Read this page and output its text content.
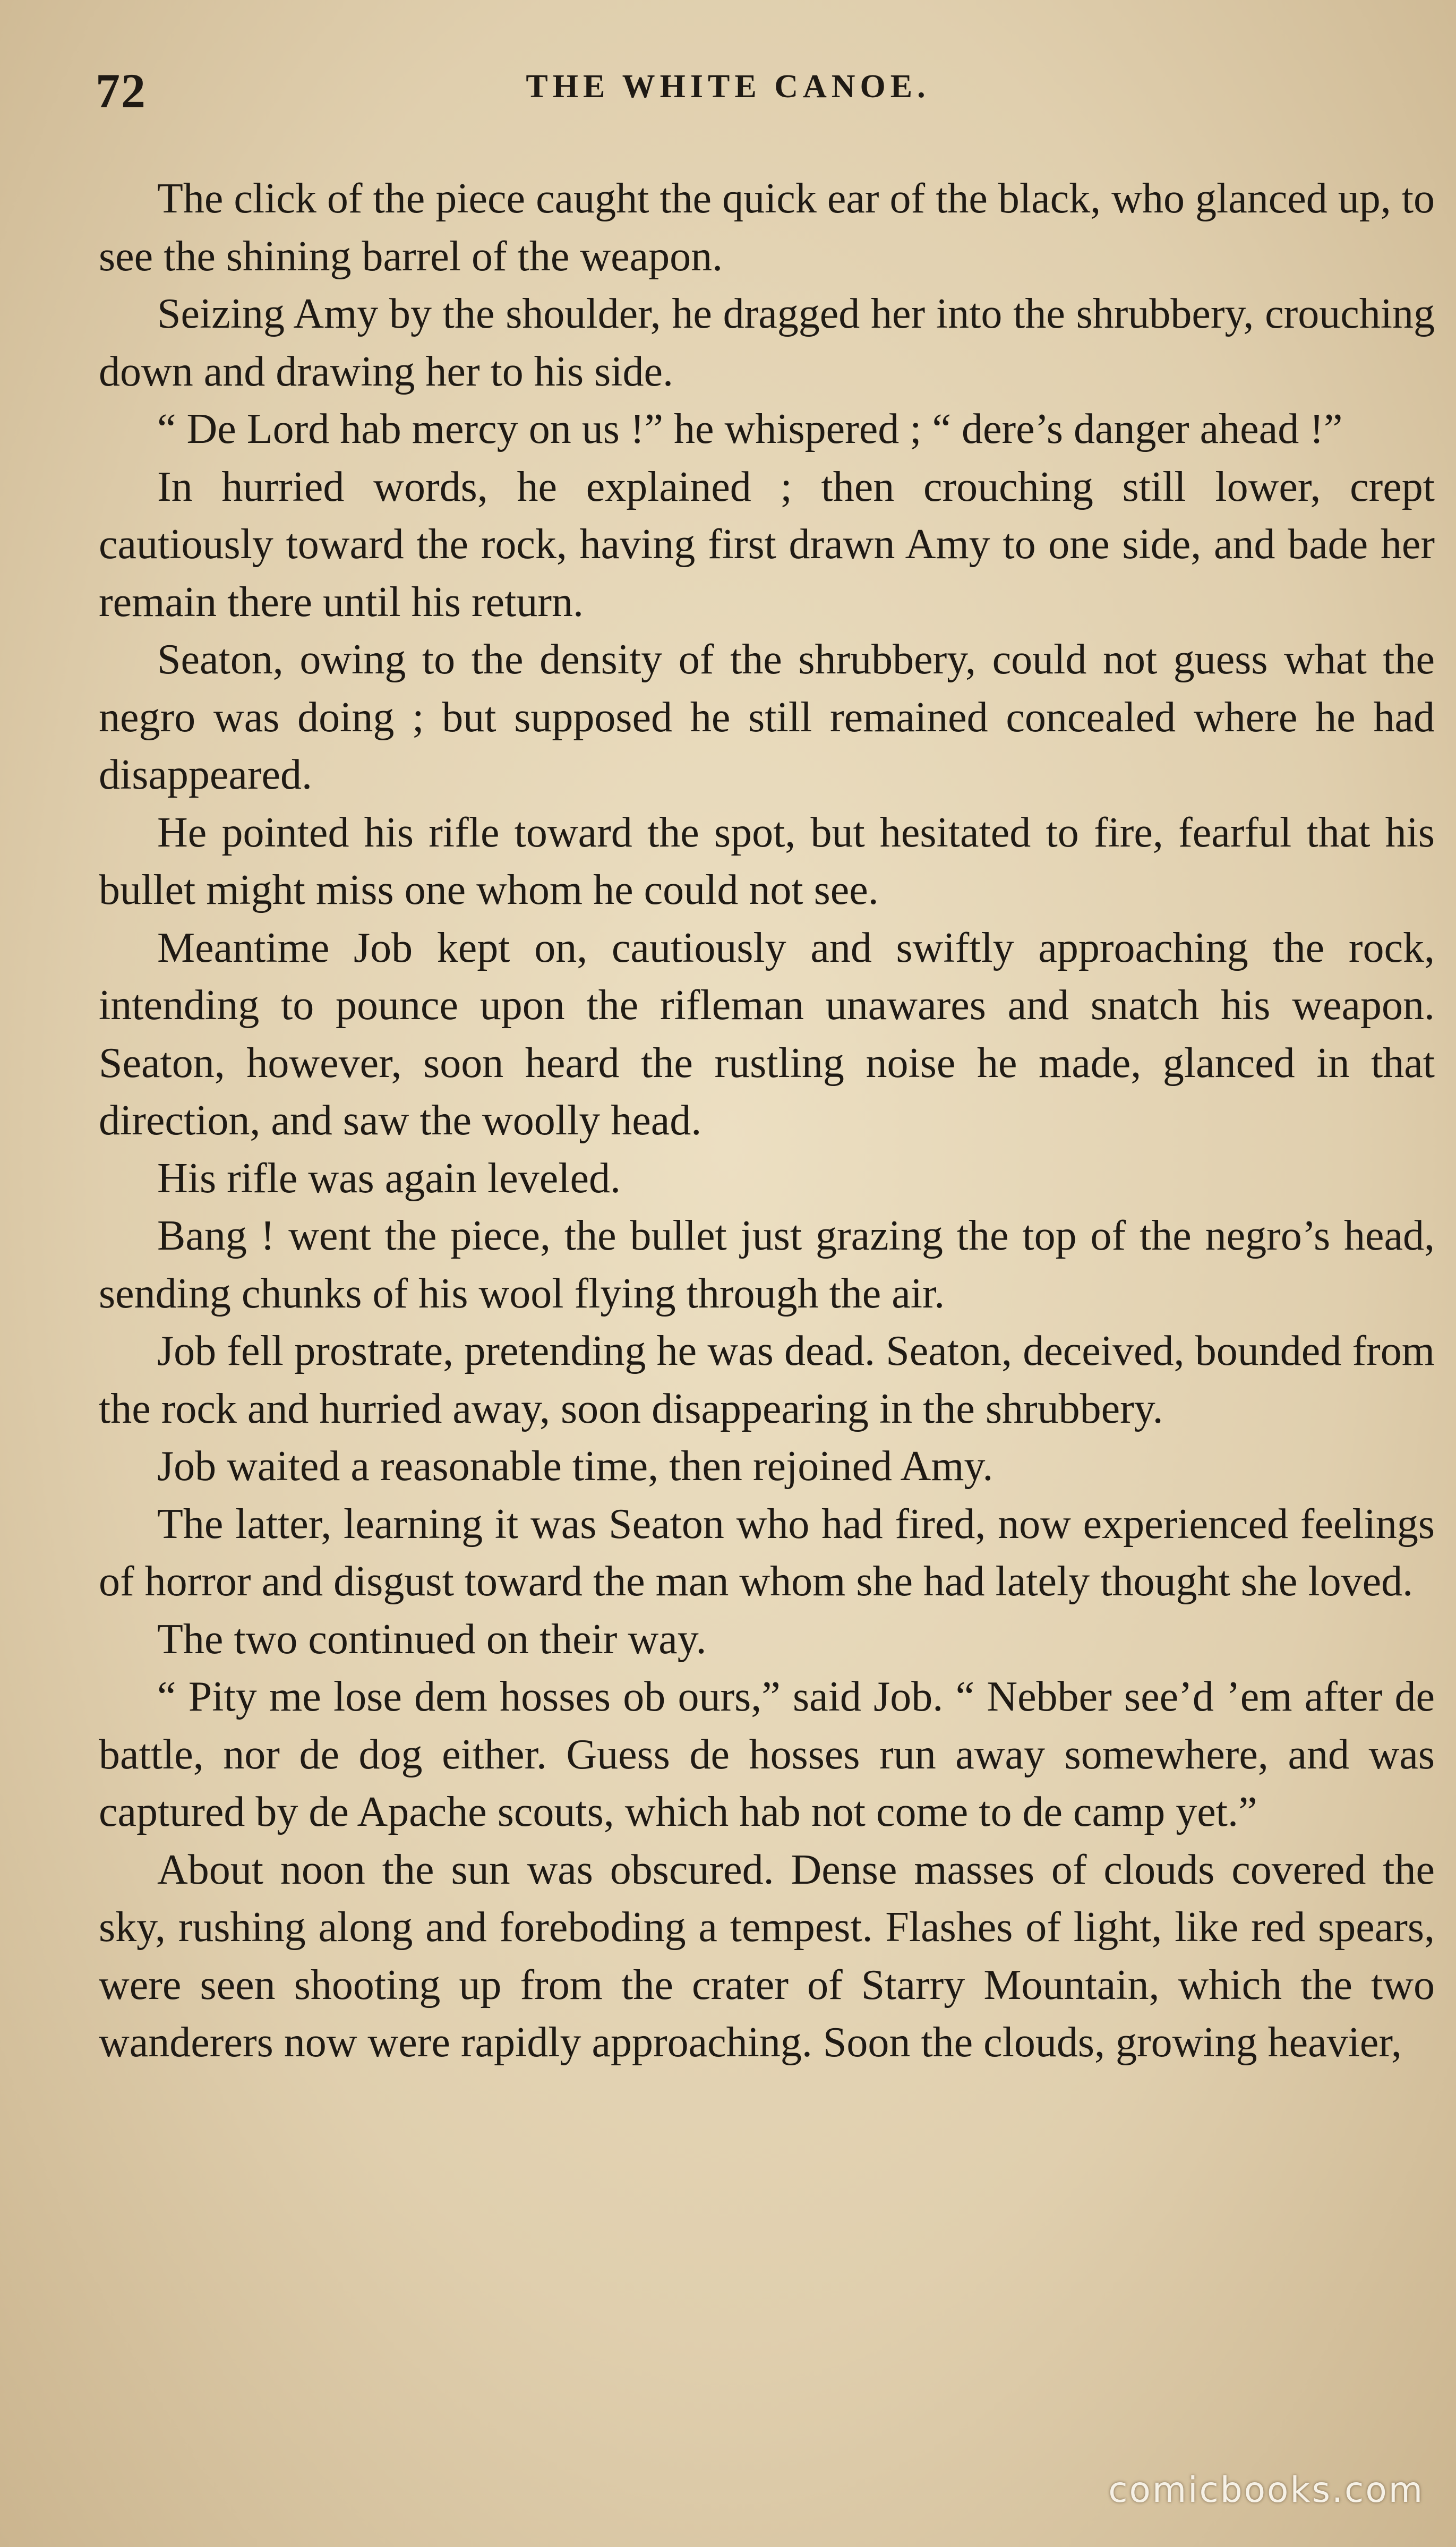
72	THE WHITE CANOE.

The click of the piece caught the quick ear of the black, who glanced up, to see the shining barrel of the weapon.

Seizing Amy by the shoulder, he dragged her into the shrubbery, crouching down and drawing her to his side.

“ De Lord hab mercy on us !” he whispered ; “ dere’s danger ahead !”

In hurried words, he explained ; then crouching still lower, crept cautiously toward the rock, having first drawn Amy to one side, and bade her remain there until his return.

Seaton, owing to the density of the shrubbery, could not guess what the negro was doing ; but supposed he still remained concealed where he had disappeared.

He pointed his rifle toward the spot, but hesitated to fire, fearful that his bullet might miss one whom he could not see.

Meantime Job kept on, cautiously and swiftly approaching the rock, intending to pounce upon the rifleman unawares and snatch his weapon. Seaton, however, soon heard the rustling noise he made, glanced in that direction, and saw the woolly head.

His rifle was again leveled.

Bang ! went the piece, the bullet just grazing the top of the negro’s head, sending chunks of his wool flying through the air.

Job fell prostrate, pretending he was dead. Seaton, deceived, bounded from the rock and hurried away, soon disappearing in the shrubbery.

Job waited a reasonable time, then rejoined Amy.

The latter, learning it was Seaton who had fired, now experienced feelings of horror and disgust toward the man whom she had lately thought she loved.

The two continued on their way.

“ Pity me lose dem hosses ob ours,” said Job. “ Nebber see’d ’em after de battle, nor de dog either. Guess de hosses run away somewhere, and was captured by de Apache scouts, which hab not come to de camp yet.”

About noon the sun was obscured. Dense masses of clouds covered the sky, rushing along and foreboding a tempest. Flashes of light, like red spears, were seen shooting up from the crater of Starry Mountain, which the two wanderers now were rapidly approaching. Soon the clouds, growing heavier,

comicbooks.com
